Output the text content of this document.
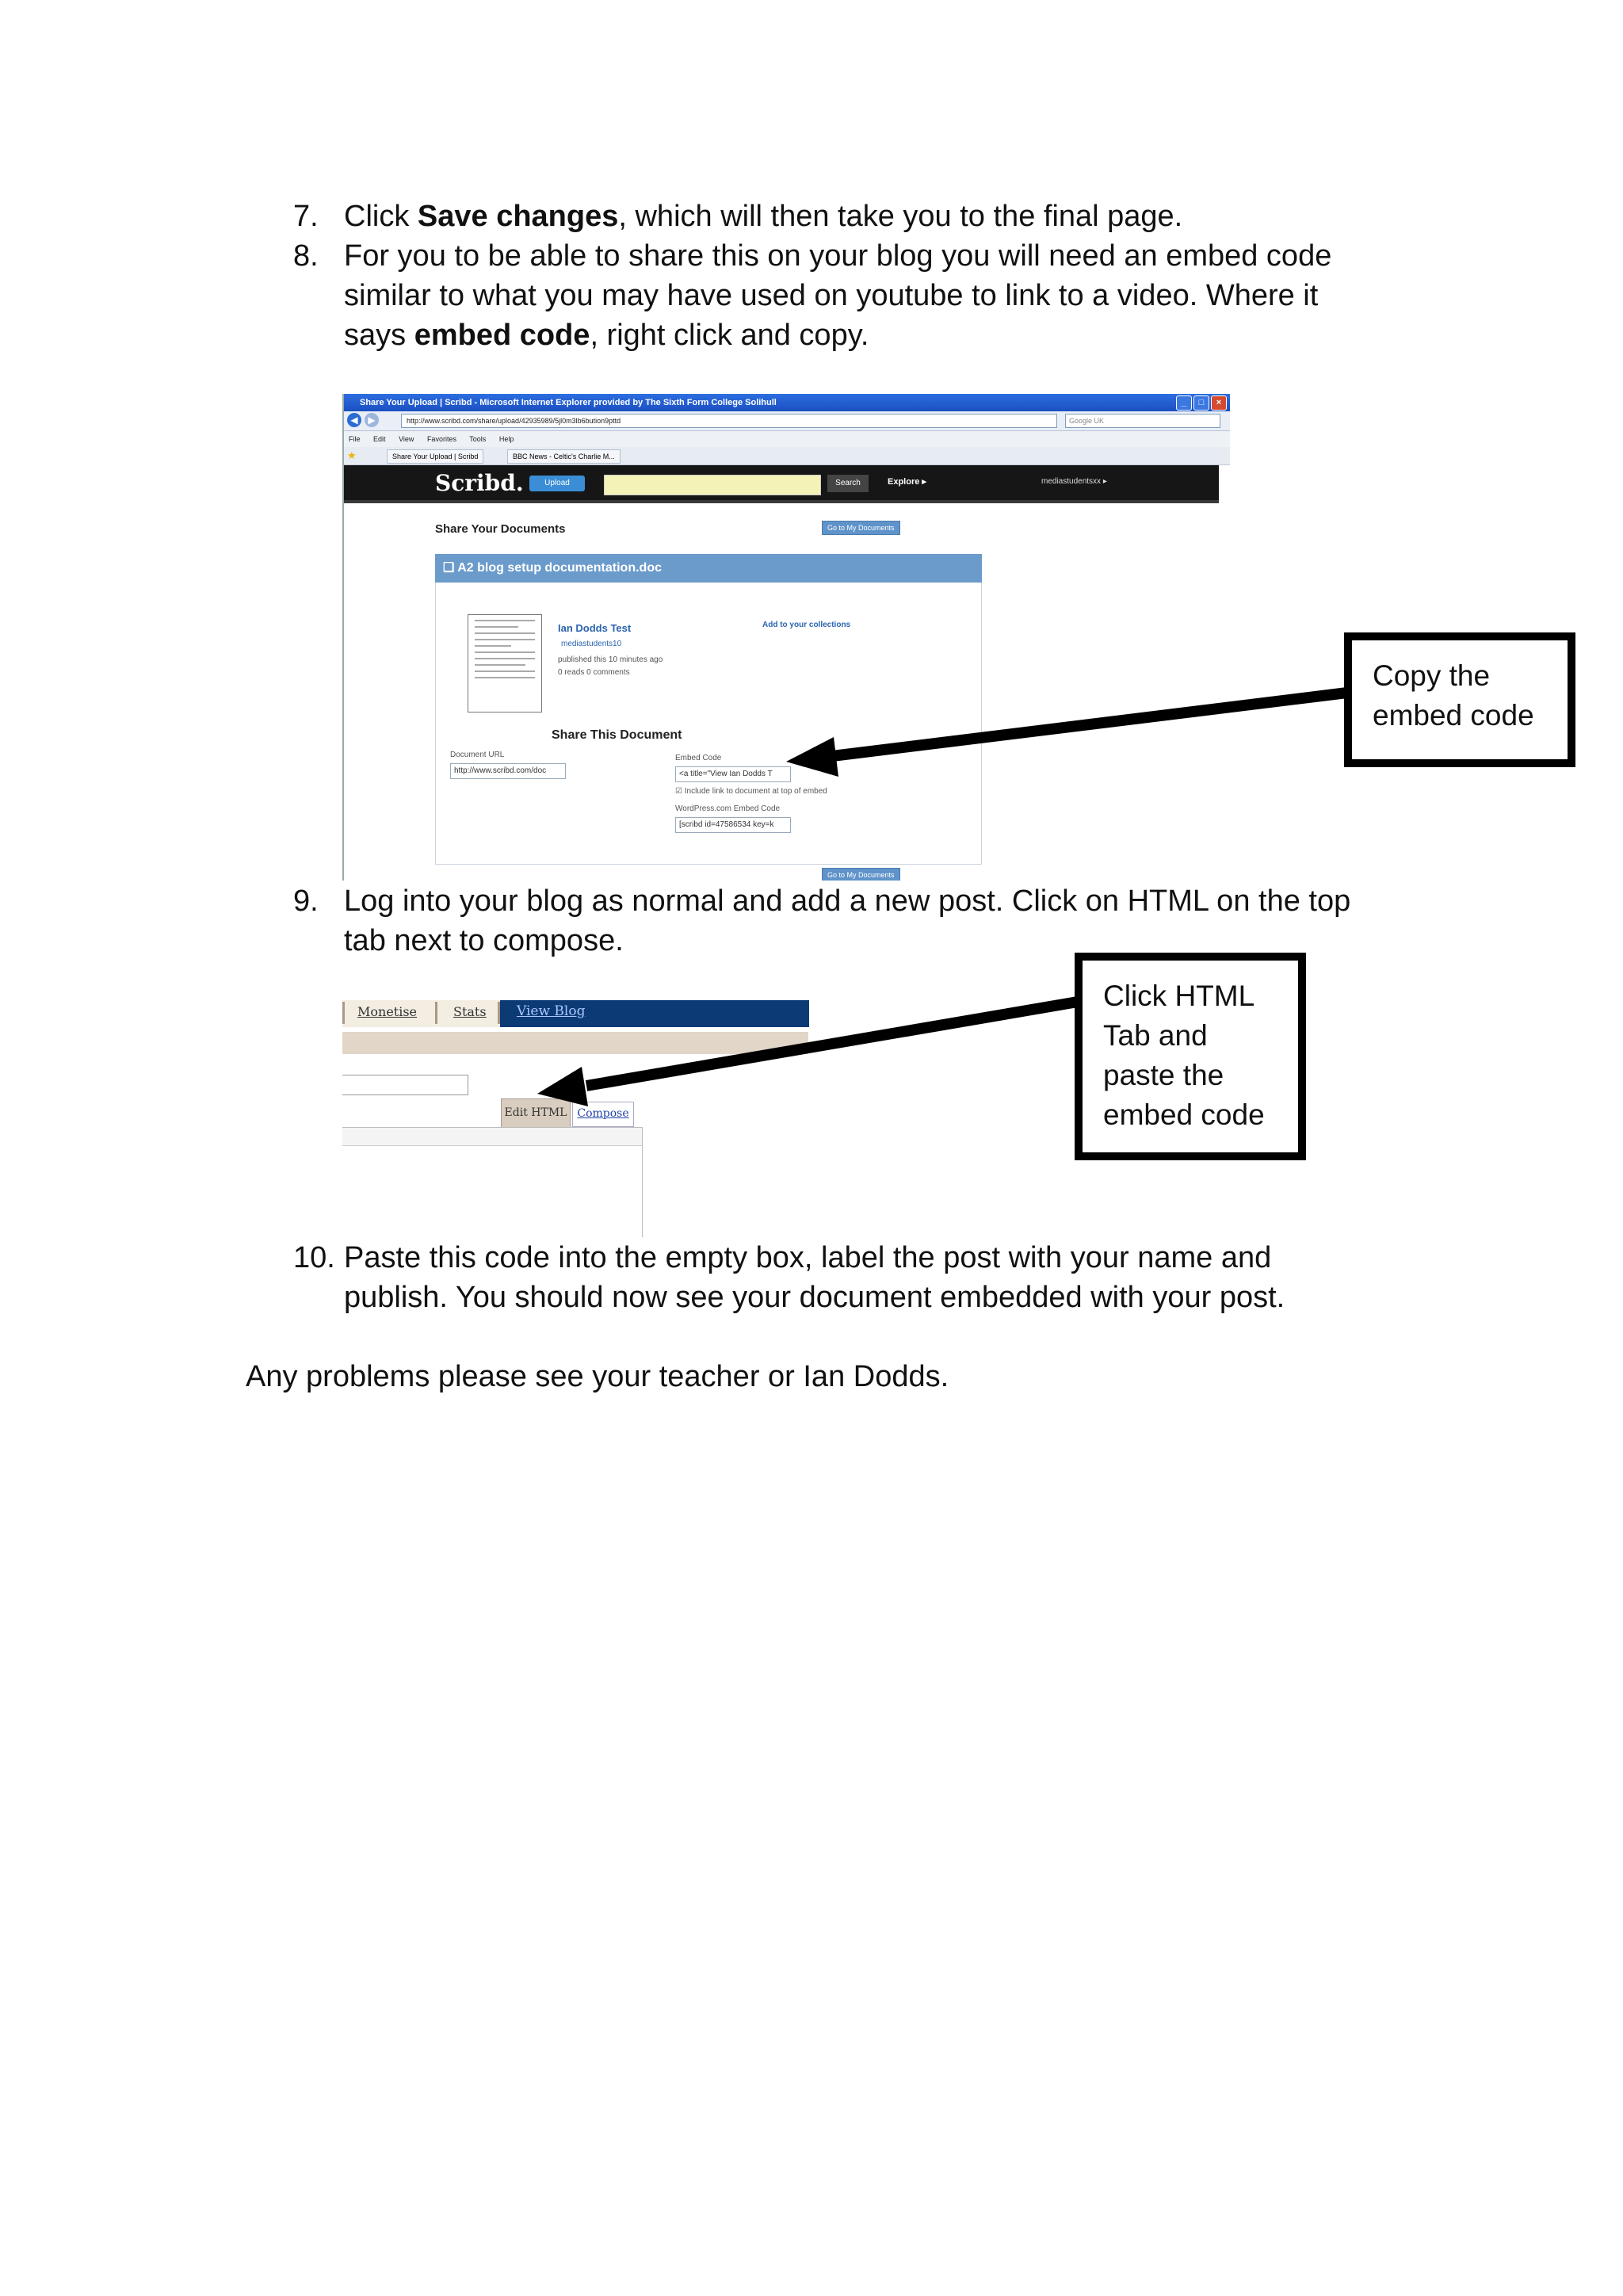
7. Click Save changes, which will then take you to the final page.
8. For you to be able to share this on your blog you will need an embed code similar to what you may have used on youtube to link to a video. Where it says embed code, right click and copy.
Share Your Upload | Scribd - Microsoft Internet Explorer provided by The Sixth Form College Solihull	_	□	×
◀	▶	http://www.scribd.com/share/upload/42935989/5jl0m3lb6bution9pttd	Google UK
File Edit View Favorites Tools Help
★	Share Your Upload | Scribd	BBC News - Celtic's Charlie M...
Scribd.	Upload	Search	Explore ▸	mediastudentsxx ▸
Share Your Documents	Go to My Documents
❏ A2 blog setup documentation.doc
Ian Dodds Test
mediastudents10
published this 10 minutes ago
0 reads 0 comments
Add to your collections
Share This Document
Document URL
http://www.scribd.com/doc
Embed Code
<a title="View Ian Dodds T
☑ Include link to document at top of embed
WordPress.com Embed Code
[scribd id=47586534 key=k
Go to My Documents
Copy the embed code
9. Log into your blog as normal and add a new post. Click on HTML on the top tab next to compose.
Monetise	Stats	View Blog
Edit HTML Compose
Click HTML Tab and paste the embed code
10. Paste this code into the empty box, label the post with your name and publish. You should now see your document embedded with your post.
Any problems please see your teacher or Ian Dodds.
